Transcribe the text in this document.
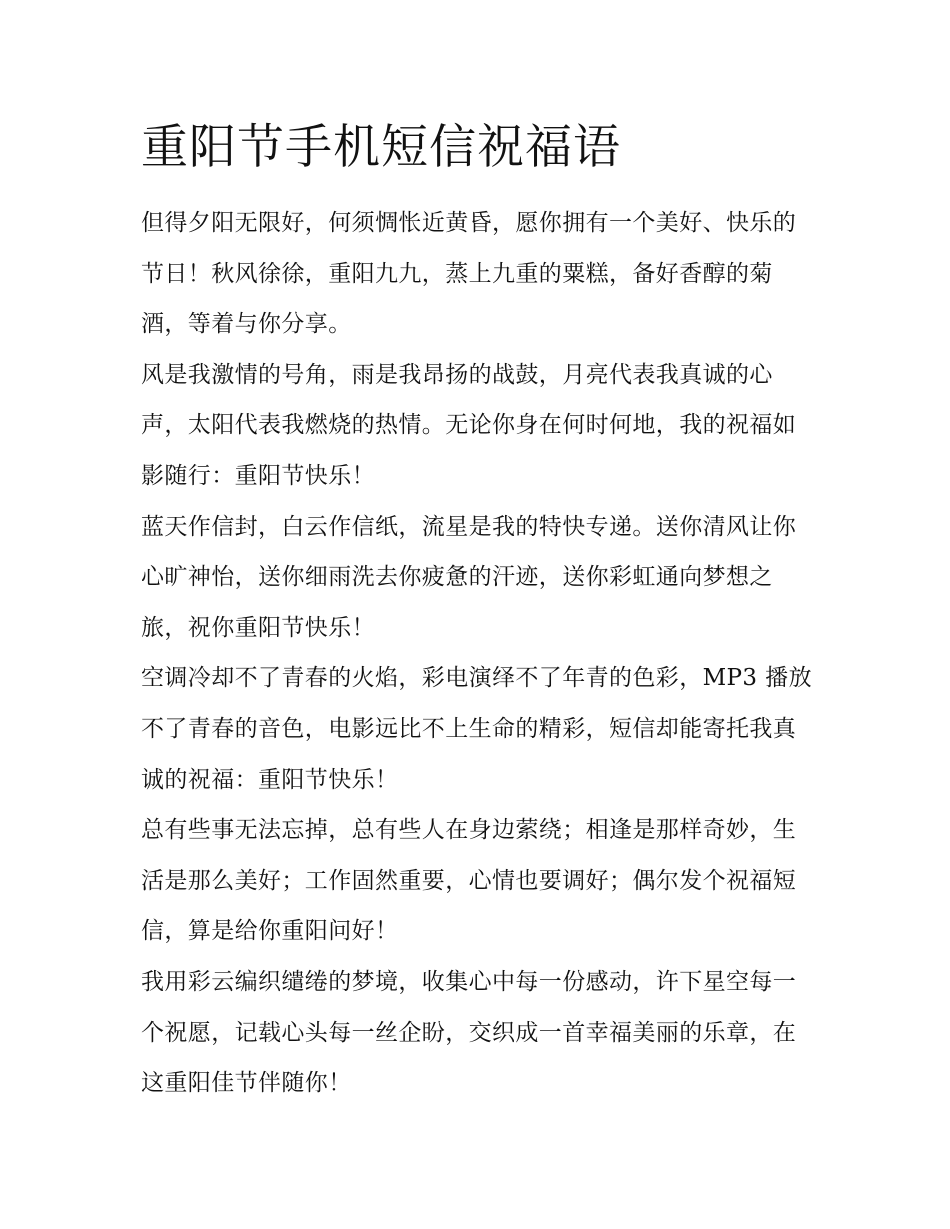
重阳节手机短信祝福语

但得夕阳无限好，何须惆怅近黄昏，愿你拥有一个美好、快乐的节日！秋风徐徐，重阳九九，蒸上九重的粟糕，备好香醇的菊酒，等着与你分享。

风是我激情的号角，雨是我昂扬的战鼓，月亮代表我真诚的心声，太阳代表我燃烧的热情。无论你身在何时何地，我的祝福如影随行：重阳节快乐！

蓝天作信封，白云作信纸，流星是我的特快专递。送你清风让你心旷神怡，送你细雨洗去你疲惫的汗迹，送你彩虹通向梦想之旅，祝你重阳节快乐！

空调冷却不了青春的火焰，彩电演绎不了年青的色彩，MP3 播放不了青春的音色，电影远比不上生命的精彩，短信却能寄托我真诚的祝福：重阳节快乐！

总有些事无法忘掉，总有些人在身边萦绕；相逢是那样奇妙，生活是那么美好；工作固然重要，心情也要调好；偶尔发个祝福短信，算是给你重阳问好！

我用彩云编织缱绻的梦境，收集心中每一份感动，许下星空每一个祝愿，记载心头每一丝企盼，交织成一首幸福美丽的乐章，在这重阳佳节伴随你！
